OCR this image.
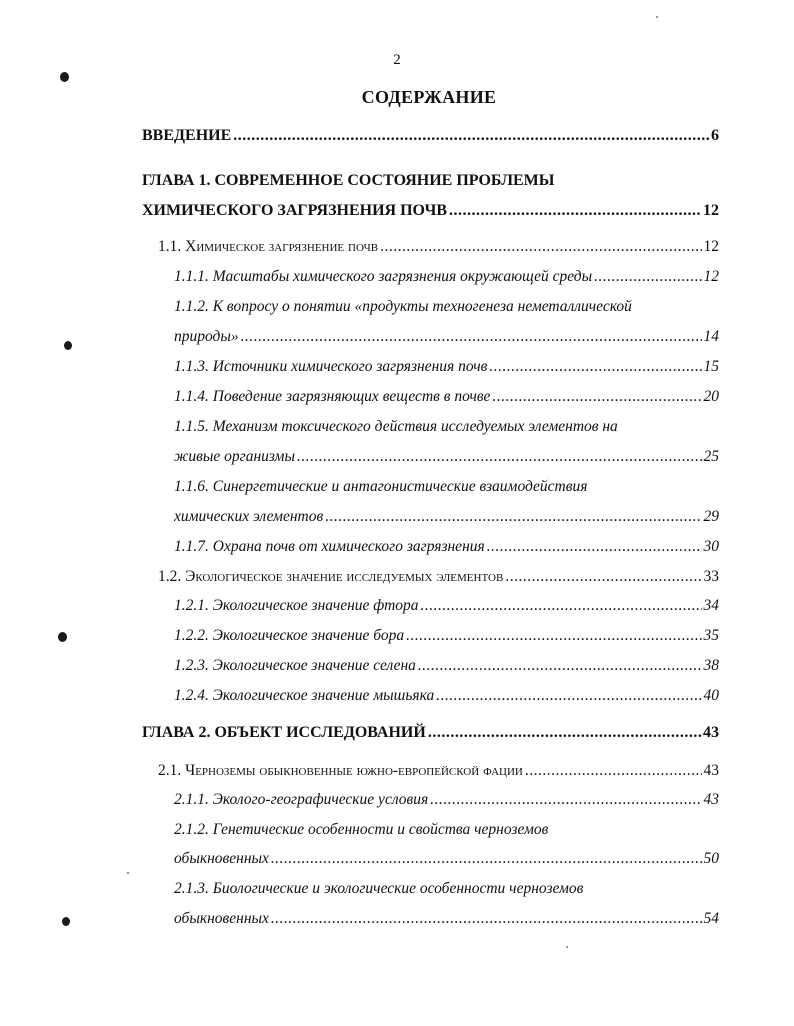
2
СОДЕРЖАНИЕ
ВВЕДЕНИЕ .....	6
ГЛАВА 1. СОВРЕМЕННОЕ СОСТОЯНИЕ ПРОБЛЕМЫ
ХИМИЧЕСКОГО ЗАГРЯЗНЕНИЯ ПОЧВ .....	12
1.1. Химическое загрязнение почв .....	12
1.1.1. Масштабы химического загрязнения окружающей среды .....	12
1.1.2. К вопросу о понятии «продукты техногенеза неметаллической
природы» .....	14
1.1.3. Источники химического загрязнения почв .....	15
1.1.4. Поведение загрязняющих веществ в почве .....	20
1.1.5. Механизм токсического действия исследуемых элементов на
живые организмы .....	25
1.1.6. Синергетические и антагонистические взаимодействия
химических элементов .....	29
1.1.7. Охрана почв от химического загрязнения .....	30
1.2. Экологическое значение исследуемых элементов .....	33
1.2.1. Экологическое значение фтора .....	34
1.2.2. Экологическое значение бора .....	35
1.2.3. Экологическое значение селена .....	38
1.2.4. Экологическое значение мышьяка .....	40
ГЛАВА 2. ОБЪЕКТ ИССЛЕДОВАНИЙ .....	43
2.1. Черноземы обыкновенные южно-европейской фации .....	43
2.1.1. Эколого-географические условия .....	43
2.1.2. Генетические особенности и свойства черноземов
обыкновенных .....	50
2.1.3. Биологические и экологические особенности черноземов
обыкновенных .....	54
